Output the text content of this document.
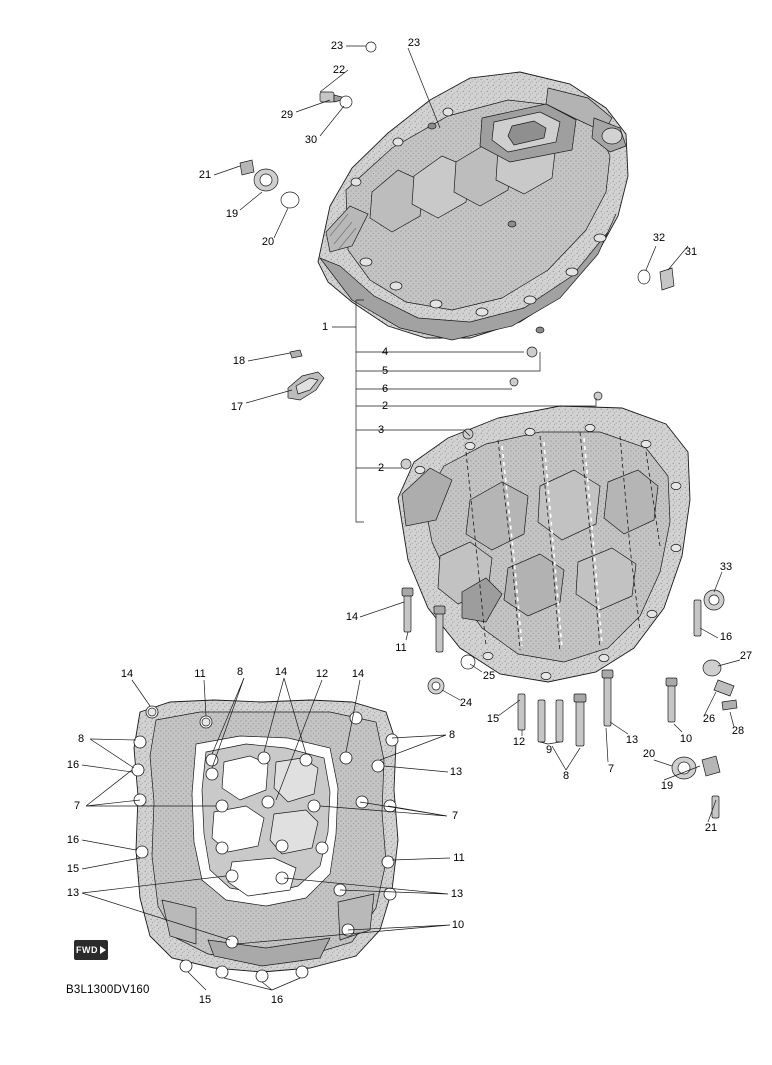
23	23
22
29
30
21
19
20	32
31
1
18
4
5
6
2
17
3
2
33
14
16
11
27
14	11	8	14	12 14	25
24
26
28
8
15
12
9
13	10
8
16
13	8
7
20
19
7
7
21
16
15
11
13	13
10
15	16
FWD
B3L1300DV160
